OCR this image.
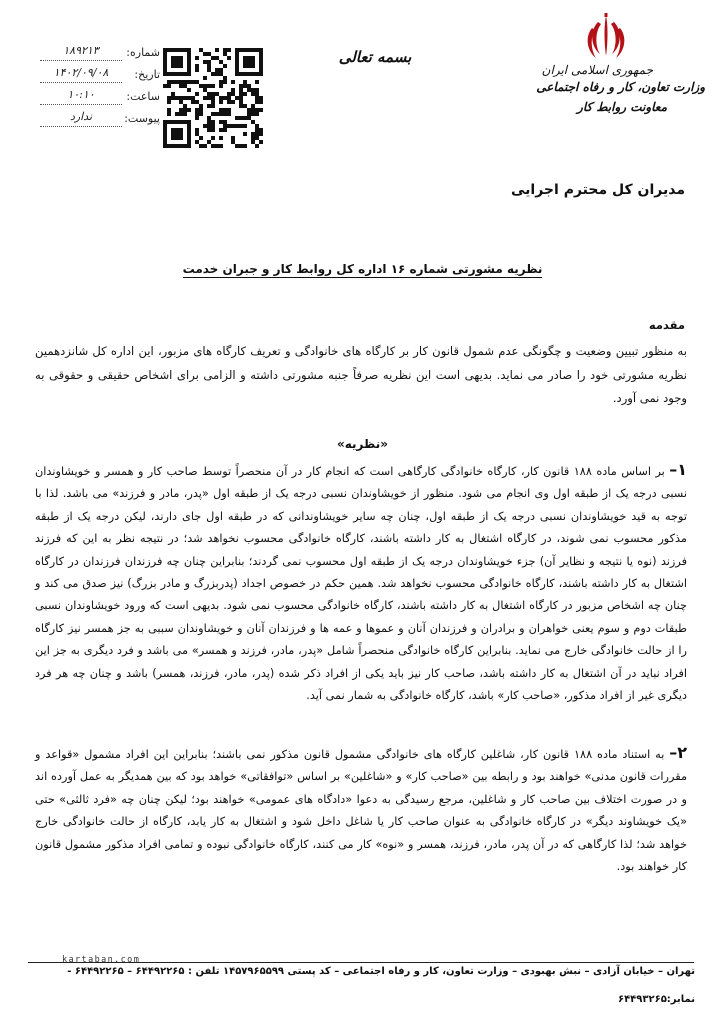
جمهوری اسلامی ایران
وزارت تعاون، کار و رفاه اجتماعی
معاونت روابط کار
بسمه تعالی
شماره:
۱۸۹۲۱۳
تاریخ:
۱۴۰۲/۰۹/۰۸
ساعت:
۱۰:۱۰
پیوست:
ندارد
مدیران کل محترم اجرایی
نظریه مشورتی شماره ۱۶ اداره کل روابط کار و جبران خدمت
مقدمه
به منظور تبیین وضعیت و چگونگی عدم شمول قانون کار بر کارگاه های خانوادگی و تعریف کارگاه های مزبور، این اداره کل شانزدهمین نظریه مشورتی خود را صادر می نماید. بدیهی است این نظریه صرفاً جنبه مشورتی داشته و الزامی برای اشخاص حقیقی و حقوقی به وجود نمی آورد.
«نظریه»
۱– بر اساس ماده ۱۸۸ قانون کار، کارگاه خانوادگی کارگاهی است که انجام کار در آن منحصراً توسط صاحب کار و همسر و خویشاوندان نسبی درجه یک از طبقه اول وی انجام می شود. منظور از خویشاوندان نسبی درجه یک از طبقه اول «پدر، مادر و فرزند» می باشد. لذا با توجه به قید خویشاوندان نسبی درجه یک از طبقه اول، چنان چه سایر خویشاوندانی که در طبقه اول جای دارند، لیکن درجه یک از طبقه مذکور محسوب نمی شوند، در کارگاه اشتغال به کار داشته باشند، کارگاه خانوادگی محسوب نخواهد شد؛ در نتیجه نظر به این که فرزند فرزند (نوه یا نتیجه و نظایر آن) جزء خویشاوندان درجه یک از طبقه اول محسوب نمی گردند؛ بنابراین چنان چه فرزندان فرزندان در کارگاه اشتغال به کار داشته باشند، کارگاه خانوادگی محسوب نخواهد شد. همین حکم در خصوص اجداد (پدربزرگ و مادر بزرگ) نیز صدق می کند و چنان چه اشخاص مزبور در کارگاه اشتغال به کار داشته باشند، کارگاه خانوادگی محسوب نمی شود. بدیهی است که ورود خویشاوندان نسبی طبقات دوم و سوم یعنی خواهران و برادران و فرزندان آنان و عموها و عمه ها و فرزندان آنان و خویشاوندان سببی به جز همسر نیز کارگاه را از حالت خانوادگی خارج می نماید. بنابراین کارگاه خانوادگی منحصراً شامل «پدر، مادر، فرزند و همسر» می باشد و فرد دیگری به جز این افراد نباید در آن اشتغال به کار داشته باشد، صاحب کار نیز باید یکی از افراد ذکر شده (پدر، مادر، فرزند، همسر) باشد و چنان چه هر فرد دیگری غیر از افراد مذکور، «صاحب کار» باشد، کارگاه خانوادگی به شمار نمی آید.
۲– به استناد ماده ۱۸۸ قانون کار، شاغلین کارگاه های خانوادگی مشمول قانون مذکور نمی باشند؛ بنابراین این افراد مشمول «قواعد و مقررات قانون مدنی» خواهند بود و رابطه بین «صاحب کار» و «شاغلین» بر اساس «توافقاتی» خواهد بود که بین همدیگر به عمل آورده اند و در صورت اختلاف بین صاحب کار و شاغلین، مرجع رسیدگی به دعوا «دادگاه های عمومی» خواهند بود؛ لیکن چنان چه «فرد ثالثی» حتی «یک خویشاوند دیگر» در کارگاه خانوادگی به عنوان صاحب کار یا شاغل داخل شود و اشتغال به کار یابد، کارگاه از حالت خانوادگی خارج خواهد شد؛ لذا کارگاهی که در آن پدر، مادر، فرزند، همسر و «نوه» کار می کنند، کارگاه خانوادگی نبوده و تمامی افراد مذکور مشمول قانون کار خواهند بود.
kartaban.com
تهران – خیابان آزادی – نبش بهبودی – وزارت تعاون، کار و رفاه اجتماعی – کد پستی ۱۴۵۷۹۶۵۵۹۹ تلفن : ۶۴۴۹۲۲۶۵ – ۶۴۴۹۲۲۶۵ -
نمابر:۶۴۴۹۳۲۶۵
